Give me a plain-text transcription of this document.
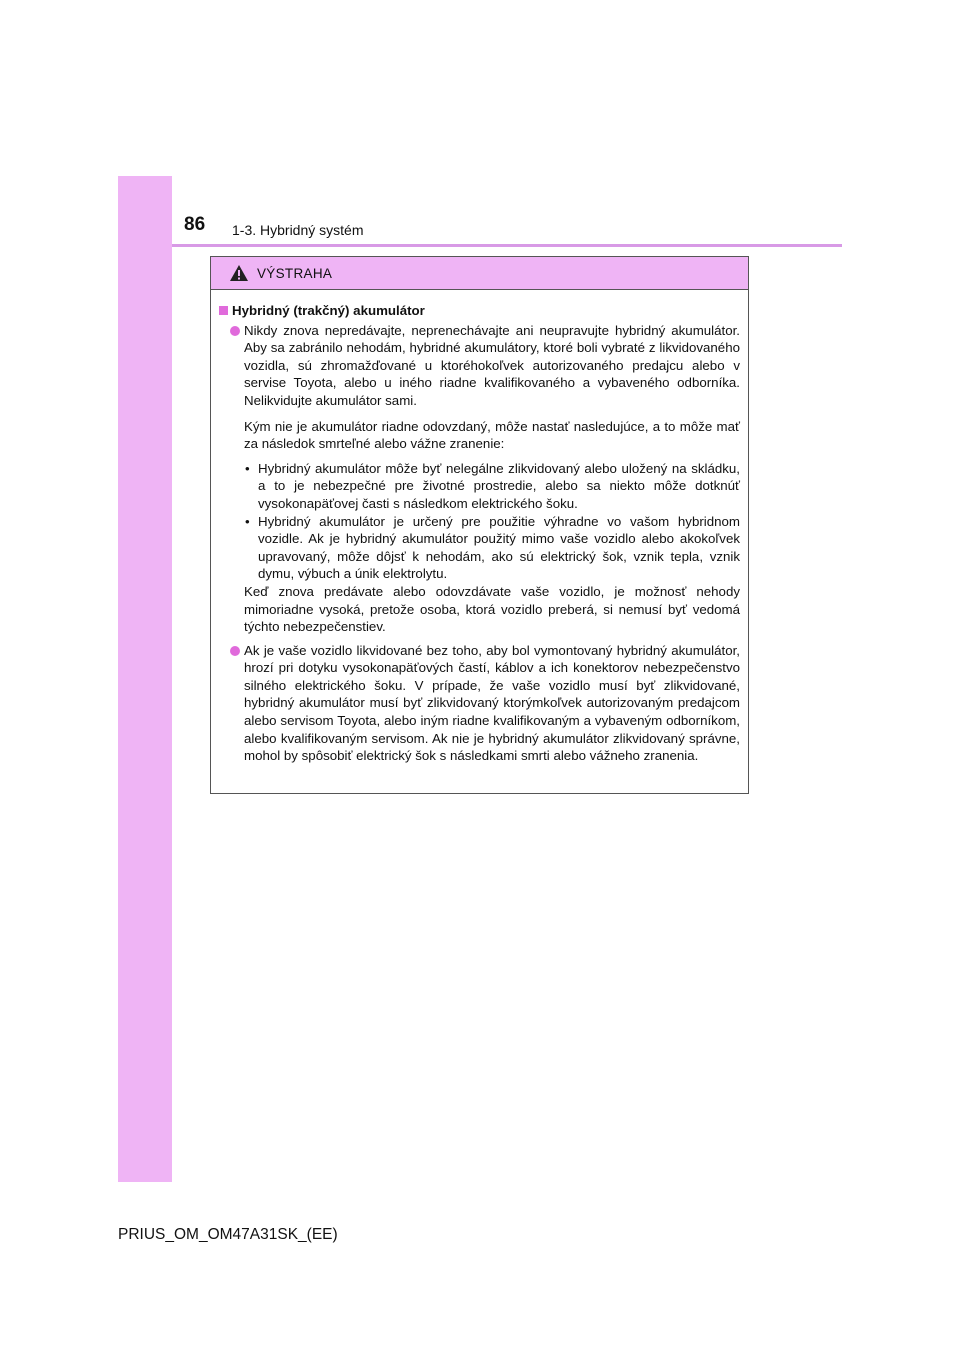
86 1-3. Hybridný systém
VÝSTRAHA
Hybridný (trakčný) akumulátor
Nikdy znova nepredávajte, neprenechávajte ani neupravujte hybridný akumulátor. Aby sa zabránilo nehodám, hybridné akumulátory, ktoré boli vybraté z likvidovaného vozidla, sú zhromažďované u ktoréhokoľvek autorizovaného predajcu alebo v servise Toyota, alebo u iného riadne kvalifikovaného a vybaveného odborníka. Nelikvidujte akumulátor sami.
Kým nie je akumulátor riadne odovzdaný, môže nastať nasledujúce, a to môže mať za následok smrteľné alebo vážne zranenie:
• Hybridný akumulátor môže byť nelegálne zlikvidovaný alebo uložený na skládku, a to je nebezpečné pre životné prostredie, alebo sa niekto môže dotknúť vysokonapäťovej časti s následkom elektrického šoku.
• Hybridný akumulátor je určený pre použitie výhradne vo vašom hybridnom vozidle. Ak je hybridný akumulátor použitý mimo vaše vozidlo alebo akokoľvek upravovaný, môže dôjsť k nehodám, ako sú elektrický šok, vznik tepla, vznik dymu, výbuch a únik elektrolytu.
Keď znova predávate alebo odovzdávate vaše vozidlo, je možnosť nehody mimoriadne vysoká, pretože osoba, ktorá vozidlo preberá, si nemusí byť vedomá týchto nebezpečenstiev.
Ak je vaše vozidlo likvidované bez toho, aby bol vymontovaný hybridný akumulátor, hrozí pri dotyku vysokonapäťových častí, káblov a ich konektorov nebezpečenstvo silného elektrického šoku. V prípade, že vaše vozidlo musí byť zlikvidované, hybridný akumulátor musí byť zlikvidovaný ktorýmkoľvek autorizovaným predajcom alebo servisom Toyota, alebo iným riadne kvalifikovaným a vybaveným odborníkom, alebo kvalifikovaným servisom. Ak nie je hybridný akumulátor zlikvidovaný správne, mohol by spôsobiť elektrický šok s následkami smrti alebo vážneho zranenia.
PRIUS_OM_OM47A31SK_(EE)
